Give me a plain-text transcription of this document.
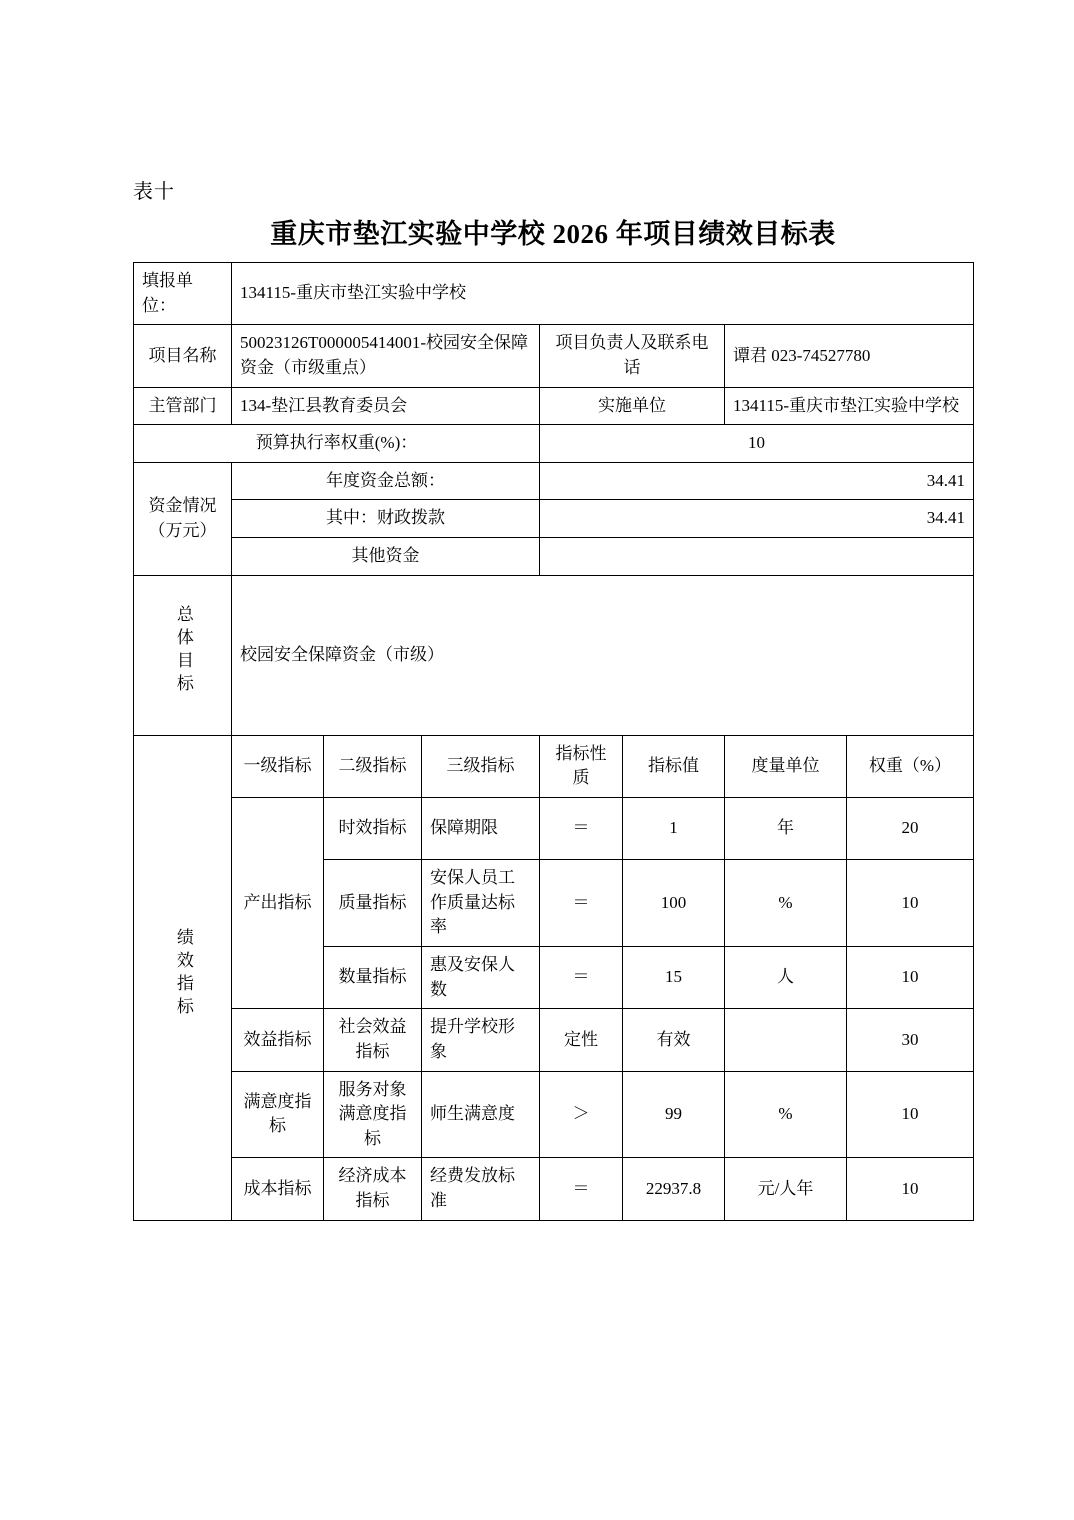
表十
重庆市垫江实验中学校 2026 年项目绩效目标表
填报单位：	134115-重庆市垫江实验中学校						
项目名称	50023126T000005414001-校园安全保障资金（市级重点）			项目负责人及联系电话		谭君 023-74527780	
主管部门	134-垫江县教育委员会			实施单位		134115-重庆市垫江实验中学校	
预算执行率权重(%)：				10			
资金情况（万元）	年度资金总额：			34.41			
	其中：财政拨款			34.41			
	其他资金						
总体目标	校园安全保障资金（市级）						
绩效指标	一级指标	二级指标	三级指标	指标性质	指标值	度量单位	权重（%）
	产出指标	时效指标	保障期限	＝	1	年	20
		质量指标	安保人员工作质量达标率	＝	100	%	10
		数量指标	惠及安保人数	＝	15	人	10
	效益指标	社会效益指标	提升学校形象	定性	有效		30
	满意度指标	服务对象满意度指标	师生满意度	＞	99	%	10
	成本指标	经济成本指标	经费发放标准	＝	22937.8	元/人年	10
